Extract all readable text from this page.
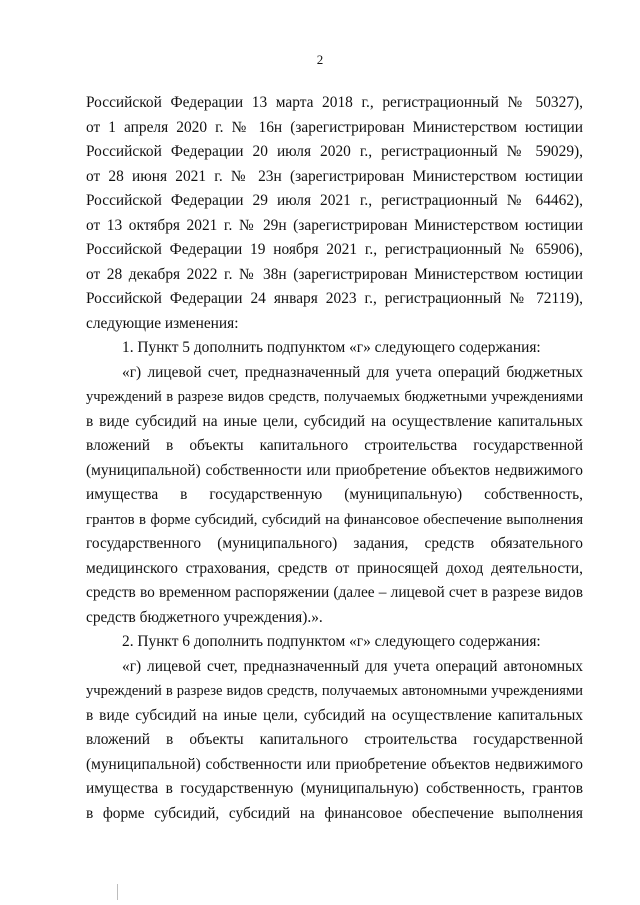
2
Российской Федерации 13 марта 2018 г., регистрационный № 50327),
от 1 апреля 2020 г. № 16н (зарегистрирован Министерством юстиции
Российской Федерации 20 июля 2020 г., регистрационный № 59029),
от 28 июня 2021 г. № 23н (зарегистрирован Министерством юстиции
Российской Федерации 29 июля 2021 г., регистрационный № 64462),
от 13 октября 2021 г. № 29н (зарегистрирован Министерством юстиции
Российской Федерации 19 ноября 2021 г., регистрационный № 65906),
от 28 декабря 2022 г. № 38н (зарегистрирован Министерством юстиции
Российской Федерации 24 января 2023 г., регистрационный № 72119),
следующие изменения:
1. Пункт 5 дополнить подпунктом «г» следующего содержания:
«г) лицевой счет, предназначенный для учета операций бюджетных
учреждений в разрезе видов средств, получаемых бюджетными учреждениями
в виде субсидий на иные цели, субсидий на осуществление капитальных
вложений в объекты капитального строительства государственной
(муниципальной) собственности или приобретение объектов недвижимого
имущества в государственную (муниципальную) собственность,
грантов в форме субсидий, субсидий на финансовое обеспечение выполнения
государственного (муниципального) задания, средств обязательного
медицинского страхования, средств от приносящей доход деятельности,
средств во временном распоряжении (далее – лицевой счет в разрезе видов
средств бюджетного учреждения).».
2. Пункт 6 дополнить подпунктом «г» следующего содержания:
«г) лицевой счет, предназначенный для учета операций автономных
учреждений в разрезе видов средств, получаемых автономными учреждениями
в виде субсидий на иные цели, субсидий на осуществление капитальных
вложений в объекты капитального строительства государственной
(муниципальной) собственности или приобретение объектов недвижимого
имущества в государственную (муниципальную) собственность, грантов
в форме субсидий, субсидий на финансовое обеспечение выполнения
